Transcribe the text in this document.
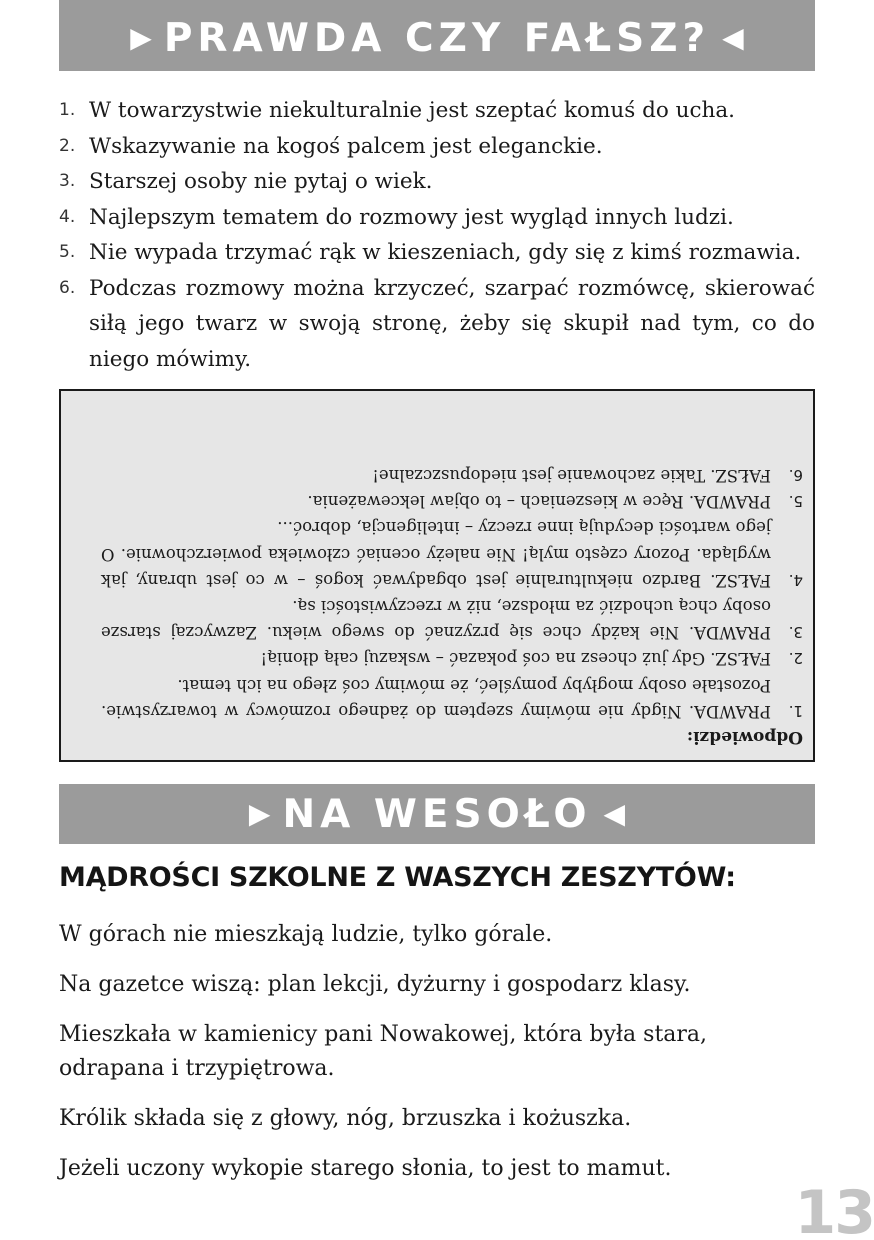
▶ PRAWDA CZY FAŁSZ? ◀
1. W towarzystwie niekulturalnie jest szeptać komuś do ucha.
2. Wskazywanie na kogoś palcem jest eleganckie.
3. Starszej osoby nie pytaj o wiek.
4. Najlepszym tematem do rozmowy jest wygląd innych ludzi.
5. Nie wypada trzymać rąk w kieszeniach, gdy się z kimś rozmawia.
6. Podczas rozmowy można krzyczeć, szarpać rozmówcę, skierować siłą jego twarz w swoją stronę, żeby się skupił nad tym, co do niego mówimy.
Odpowiedzi:
1.
PRAWDA. Nigdy nie mówimy szeptem do żadnego rozmówcy w towarzystwie. Pozostałe osoby mogłyby pomyśleć, że mówimy coś złego na ich temat.
2.
FAŁSZ. Gdy już chcesz na coś pokazać – wskazuj całą dłonią!
3.
PRAWDA. Nie każdy chce się przyznać do swego wieku. Zazwyczaj starsze osoby chcą uchodzić za młodsze, niż w rzeczywistości są.
4.
FAŁSZ. Bardzo niekulturalnie jest obgadywać kogoś – w co jest ubrany, jak wygląda. Pozory często mylą! Nie należy oceniać człowieka powierzchownie. O jego wartości decydują inne rzeczy – inteligencja, dobroć...
5.
PRAWDA. Ręce w kieszeniach – to objaw lekceważenia.
6.
FAŁSZ. Takie zachowanie jest niedopuszczalne!
▶ NA WESOŁO ◀
MĄDROŚCI SZKOLNE Z WASZYCH ZESZYTÓW:

W górach nie mieszkają ludzie, tylko górale.

Na gazetce wiszą: plan lekcji, dyżurny i gospodarz klasy.

Mieszkała w kamienicy pani Nowakowej, która była stara, odrapana i trzypiętrowa.

Królik składa się z głowy, nóg, brzuszka i kożuszka.

Jeżeli uczony wykopie starego słonia, to jest to mamut.

13
